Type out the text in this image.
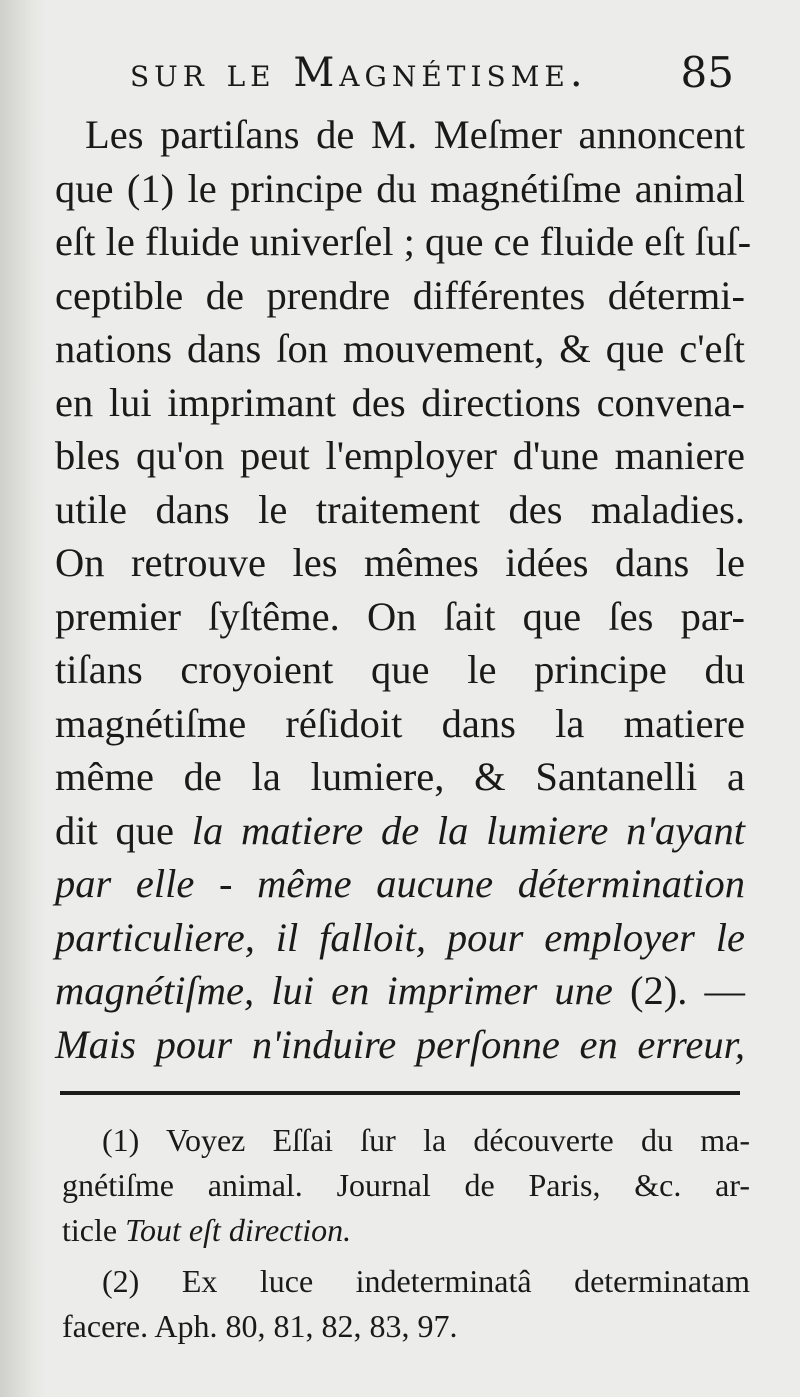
sur le Magnétisme. 85
Les partiſans de M. Meſmer annoncent
que (1) le principe du magnétiſme animal
eſt le fluide univerſel ; que ce fluide eſt ſuſ-
ceptible de prendre différentes détermi-
nations dans ſon mouvement, & que c'eſt
en lui imprimant des directions convena-
bles qu'on peut l'employer d'une maniere
utile dans le traitement des maladies.
On retrouve les mêmes idées dans le
premier ſyſtême. On ſait que ſes par-
tiſans croyoient que le principe du
magnétiſme réſidoit dans la matiere
même de la lumiere, & Santanelli a
dit que la matiere de la lumiere n'ayant
par elle - même aucune détermination
particuliere, il falloit, pour employer le
magnétiſme, lui en imprimer une (2). —
Mais pour n'induire perſonne en erreur,
(1) Voyez Eſſai ſur la découverte du ma-
gnétiſme animal. Journal de Paris, &c. ar-
ticle Tout eſt direction.
(2) Ex luce indeterminatâ determinatam
facere. Aph. 80, 81, 82, 83, 97.
